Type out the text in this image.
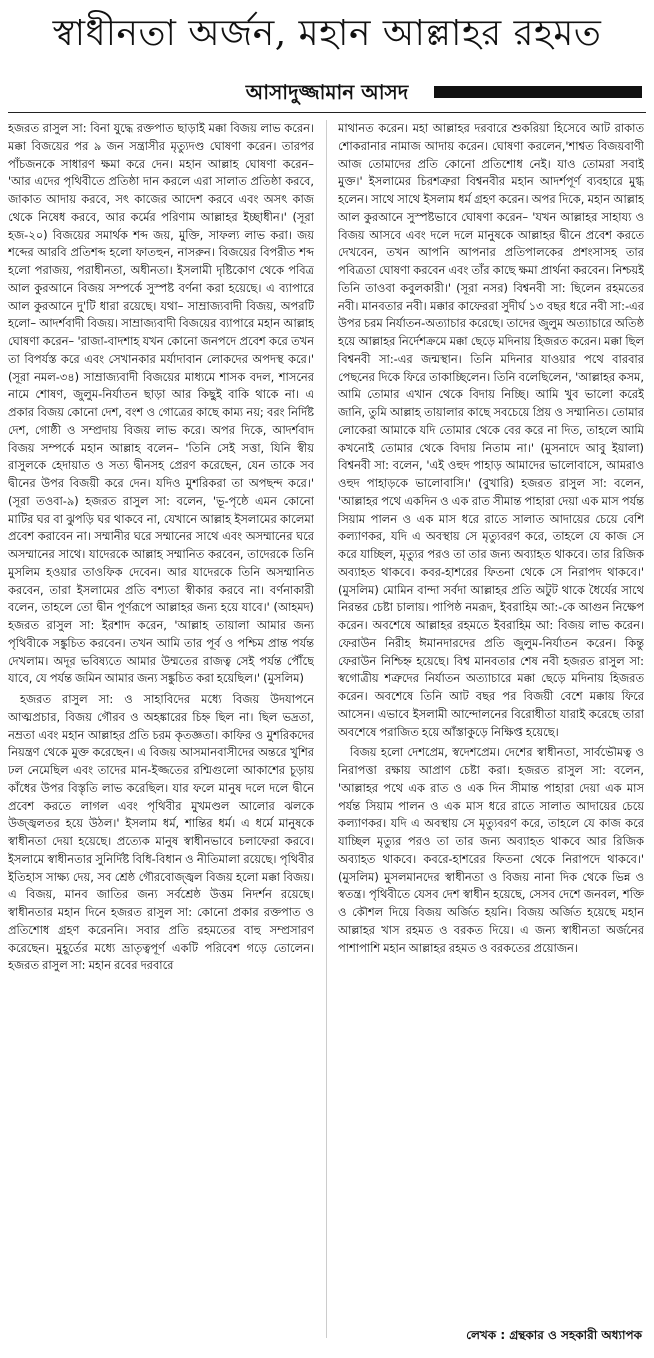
স্বাধীনতা অর্জন, মহান আল্লাহর রহমত
আসাদুজ্জামান আসদ

হজরত রাসুল সা: বিনা যুদ্ধে রক্তপাত ছাড়াই মক্কা বিজয় লাভ করেন। মক্কা বিজয়ের পর ৯ জন সন্ত্রাসীর মৃত্যুদণ্ড ঘোষণা করেন। তারপর পাঁচজনকে সাধারণ ক্ষমা করে দেন। মহান আল্লাহ ঘোষণা করেন– 'আর এদের পৃথিবীতে প্রতিষ্ঠা দান করলে এরা সালাত প্রতিষ্ঠা করবে, জাকাত আদায় করবে, সৎ কাজের আদেশ করবে এবং অসৎ কাজ থেকে নিষেধ করবে, আর কর্মের পরিণাম আল্লাহর ইচ্ছাধীন।' (সূরা হজ-২০) বিজয়ের সমার্থক শব্দ জয়, মুক্তি, সাফল্য লাভ করা। জয় শব্দের আরবি প্রতিশব্দ হলো ফাতহুন, নাসরুন। বিজয়ের বিপরীত শব্দ হলো পরাজয়, পরাধীনতা, অধীনতা। ইসলামী দৃষ্টিকোণ থেকে পবিত্র আল কুরআনে বিজয় সম্পর্কে সুস্পষ্ট বর্ণনা করা হয়েছে। এ ব্যাপারে আল কুরআনে দু'টি ধারা রয়েছে। যথা– সাম্রাজ্যবাদী বিজয়, অপরটি হলো– আদর্শবাদী বিজয়। সাম্রাজ্যবাদী বিজয়ের ব্যাপারে মহান আল্লাহ ঘোষণা করেন– 'রাজা-বাদশাহ যখন কোনো জনপদে প্রবেশ করে তখন তা বিপর্যস্ত করে এবং সেখানকার মর্যাদাবান লোকদের অপদস্থ করে।' (সূরা নমল-৩৪) সাম্রাজ্যবাদী বিজয়ের মাধ্যমে শাসক বদল, শাসনের নামে শোষণ, জুলুম-নির্যাতন ছাড়া আর কিছুই বাকি থাকে না। এ প্রকার বিজয় কোনো দেশ, বংশ ও গোত্রের কাছে কাম্য নয়; বরং নির্দিষ্ট দেশ, গোষ্ঠী ও সম্প্রদায় বিজয় লাভ করে। অপর দিকে, আদর্শবাদ বিজয় সম্পর্কে মহান আল্লাহ বলেন– 'তিনি সেই সত্তা, যিনি স্বীয় রাসুলকে হেদায়াত ও সত্য দ্বীনসহ প্রেরণ করেছেন, যেন তাকে সব দ্বীনের উপর বিজয়ী করে দেন। যদিও মুশরিকরা তা অপছন্দ করে।' (সূরা তওবা-৯) হজরত রাসুল সা: বলেন, 'ভূ-পৃষ্ঠে এমন কোনো মাটির ঘর বা ঝুপড়ি ঘর থাকবে না, যেখানে আল্লাহ ইসলামের কালেমা প্রবেশ করাবেন না। সম্মানীর ঘরে সম্মানের সাথে এবং অসম্মানের ঘরে অসম্মানের সাথে। যাদেরকে আল্লাহ সম্মানিত করবেন, তাদেরকে তিনি মুসলিম হওয়ার তাওফিক দেবেন। আর যাদেরকে তিনি অসম্মানিত করবেন, তারা ইসলামের প্রতি বশ্যতা স্বীকার করবে না। বর্ণনাকারী বলেন, তাহলে তো দ্বীন পূর্ণরূপে আল্লাহর জন্য হয়ে যাবে।' (আহমদ) হজরত রাসুল সা: ইরশাদ করেন, 'আল্লাহ তায়ালা আমার জন্য পৃথিবীকে সঙ্কুচিত করবেন। তখন আমি তার পূর্ব ও পশ্চিম প্রান্ত পর্যন্ত দেখলাম। অদূর ভবিষ্যতে আমার উম্মতের রাজত্ব সেই পর্যন্ত পৌঁছে যাবে, যে পর্যন্ত জমিন আমার জন্য সঙ্কুচিত করা হয়েছিল।' (মুসলিম)

হজরত রাসুল সা: ও সাহাবিদের মধ্যে বিজয় উদযাপনে আত্মপ্রচার, বিজয় গৌরব ও অহঙ্কারের চিহ্ন ছিল না। ছিল ভদ্রতা, নম্রতা এবং মহান আল্লাহর প্রতি চরম কৃতজ্ঞতা। কাফির ও মুশরিকদের নিয়ন্ত্রণ থেকে মুক্ত করেছেন। এ বিজয় আসমানবাসীদের অন্তরে খুশির ঢল নেমেছিল এবং তাদের মান-ইজ্জতের রশ্মিগুলো আকাশের চূড়ায় কাঁধের উপর বিস্তৃতি লাভ করেছিল। যার ফলে মানুষ দলে দলে দ্বীনে প্রবেশ করতে লাগল এবং পৃথিবীর মুখমণ্ডল আলোর ঝলকে উজ্জ্বলতর হয়ে উঠল।' ইসলাম ধর্ম, শান্তির ধর্ম। এ ধর্মে মানুষকে স্বাধীনতা দেয়া হয়েছে। প্রত্যেক মানুষ স্বাধীনভাবে চলাফেরা করবে। ইসলামে স্বাধীনতার সুনির্দিষ্ট বিধি-বিধান ও নীতিমালা রয়েছে। পৃথিবীর ইতিহাস সাক্ষ্য দেয়, সব শ্রেষ্ঠ গৌরবোজ্জ্বল বিজয় হলো মক্কা বিজয়। এ বিজয়, মানব জাতির জন্য সর্বশ্রেষ্ঠ উত্তম নিদর্শন রয়েছে। স্বাধীনতার মহান দিনে হজরত রাসুল সা: কোনো প্রকার রক্তপাত ও প্রতিশোধ গ্রহণ করেননি। সবার প্রতি রহমতের বাহু সম্প্রসারণ করেছেন। মুহূর্তের মধ্যে ভ্রাতৃত্বপূর্ণ একটি পরিবেশ গড়ে তোলেন। হজরত রাসুল সা: মহান রবের দরবারে

মাথানত করেন। মহা আল্লাহর দরবারে শুকরিয়া হিসেবে আট রাকাত শোকরানার নামাজ আদায় করেন। ঘোষণা করলেন,'শাশ্বত বিজয়বাণী আজ তোমাদের প্রতি কোনো প্রতিশোধ নেই। যাও তোমরা সবাই মুক্ত।' ইসলামের চিরশত্রুরা বিশ্বনবীর মহান আদর্শপূর্ণ ব্যবহারে মুগ্ধ হলেন। সাথে সাথে ইসলাম ধর্ম গ্রহণ করেন। অপর দিকে, মহান আল্লাহ আল কুরআনে সুস্পষ্টভাবে ঘোষণা করেন– 'যখন আল্লাহর সাহায্য ও বিজয় আসবে এবং দলে দলে মানুষকে আল্লাহর দ্বীনে প্রবেশ করতে দেখবেন, তখন আপনি আপনার প্রতিপালকের প্রশংসাসহ তার পবিত্রতা ঘোষণা করবেন এবং তাঁর কাছে ক্ষমা প্রার্থনা করবেন। নিশ্চয়ই তিনি তাওবা কবুলকারী।' (সূরা নসর) বিশ্বনবী সা: ছিলেন রহমতের নবী। মানবতার নবী। মক্কার কাফেররা সুদীর্ঘ ১৩ বছর ধরে নবী সা:-এর উপর চরম নির্যাতন-অত্যাচার করেছে। তাদের জুলুম অত্যাচারে অতিষ্ঠ হয়ে আল্লাহর নির্দেশক্রমে মক্কা ছেড়ে মদিনায় হিজরত করেন। মক্কা ছিল বিশ্বনবী সা:-এর জন্মস্থান। তিনি মদিনার যাওয়ার পথে বারবার পেছনের দিকে ফিরে তাকাচ্ছিলেন। তিনি বলেছিলেন, 'আল্লাহর কসম, আমি তোমার এখান থেকে বিদায় নিচ্ছি। আমি খুব ভালো করেই জানি, তুমি আল্লাহ তায়ালার কাছে সবচেয়ে প্রিয় ও সম্মানিত। তোমার লোকেরা আমাকে যদি তোমার থেকে বের করে না দিত, তাহলে আমি কখনোই তোমার থেকে বিদায় নিতাম না।' (মুসনাদে আবু ইয়ালা) বিশ্বনবী সা: বলেন, 'এই ওহুদ পাহাড় আমাদের ভালোবাসে, আমরাও ওহুদ পাহাড়কে ভালোবাসি।' (বুখারি) হজরত রাসুল সা: বলেন, 'আল্লাহর পথে একদিন ও এক রাত সীমান্ত পাহারা দেয়া এক মাস পর্যন্ত সিয়াম পালন ও এক মাস ধরে রাতে সালাত আদায়ের চেয়ে বেশি কল্যাণকর, যদি এ অবস্থায় সে মৃত্যুবরণ করে, তাহলে যে কাজ সে করে যাচ্ছিল, মৃত্যুর পরও তা তার জন্য অব্যাহত থাকবে। তার রিজিক অব্যাহত থাকবে। কবর-হাশরের ফিতনা থেকে সে নিরাপদ থাকবে।' (মুসলিম) মোমিন বান্দা সর্বদা আল্লাহর প্রতি অটুট থাকে ধৈর্যের সাথে নিরন্তর চেষ্টা চালায়। পাপিষ্ঠ নমরূদ, ইবরাহিম আ:-কে আগুন নিক্ষেপ করেন। অবশেষে আল্লাহর রহমতে ইবরাহিম আ: বিজয় লাভ করেন। ফেরাউন নিরীহ ঈমানদারদের প্রতি জুলুম-নির্যাতন করেন। কিন্তু ফেরাউন নিশ্চিহ্ন হয়েছে। বিশ্ব মানবতার শেষ নবী হজরত রাসুল সা: স্বগোত্রীয় শত্রুদের নির্যাতন অত্যাচারে মক্কা ছেড়ে মদিনায় হিজরত করেন। অবশেষে তিনি আট বছর পর বিজয়ী বেশে মক্কায় ফিরে আসেন। এভাবে ইসলামী আন্দোলনের বিরোধীতা যারাই করেছে তারা অবশেষে পরাজিত হয়ে আঁস্তাকুড়ে নিক্ষিপ্ত হয়েছে।

বিজয় হলো দেশপ্রেম, স্বদেশপ্রেম। দেশের স্বাধীনতা, সার্বভৌমত্ব ও নিরাপত্তা রক্ষায় আপ্রাণ চেষ্টা করা। হজরত রাসুল সা: বলেন, 'আল্লাহর পথে এক রাত ও এক দিন সীমান্ত পাহারা দেয়া এক মাস পর্যন্ত সিয়াম পালন ও এক মাস ধরে রাতে সালাত আদায়ের চেয়ে কল্যাণকর। যদি এ অবস্থায় সে মৃত্যুবরণ করে, তাহলে যে কাজ করে যাচ্ছিল মৃত্যুর পরও তা তার জন্য অব্যাহত থাকবে আর রিজিক অব্যাহত থাকবে। কবরে-হাশরের ফিতনা থেকে নিরাপদে থাকবে।' (মুসলিম) মুসলমানদের স্বাধীনতা ও বিজয় নানা দিক থেকে ভিন্ন ও স্বতন্ত্র। পৃথিবীতে যেসব দেশ স্বাধীন হয়েছে, সেসব দেশে জনবল, শক্তি ও কৌশল দিয়ে বিজয় অর্জিত হয়নি। বিজয় অর্জিত হয়েছে মহান আল্লাহর খাস রহমত ও বরকত দিয়ে। এ জন্য স্বাধীনতা অর্জনের পাশাপাশি মহান আল্লাহর রহমত ও বরকতের প্রয়োজন।

লেখক : গ্রন্থকার ও সহকারী অধ্যাপক
